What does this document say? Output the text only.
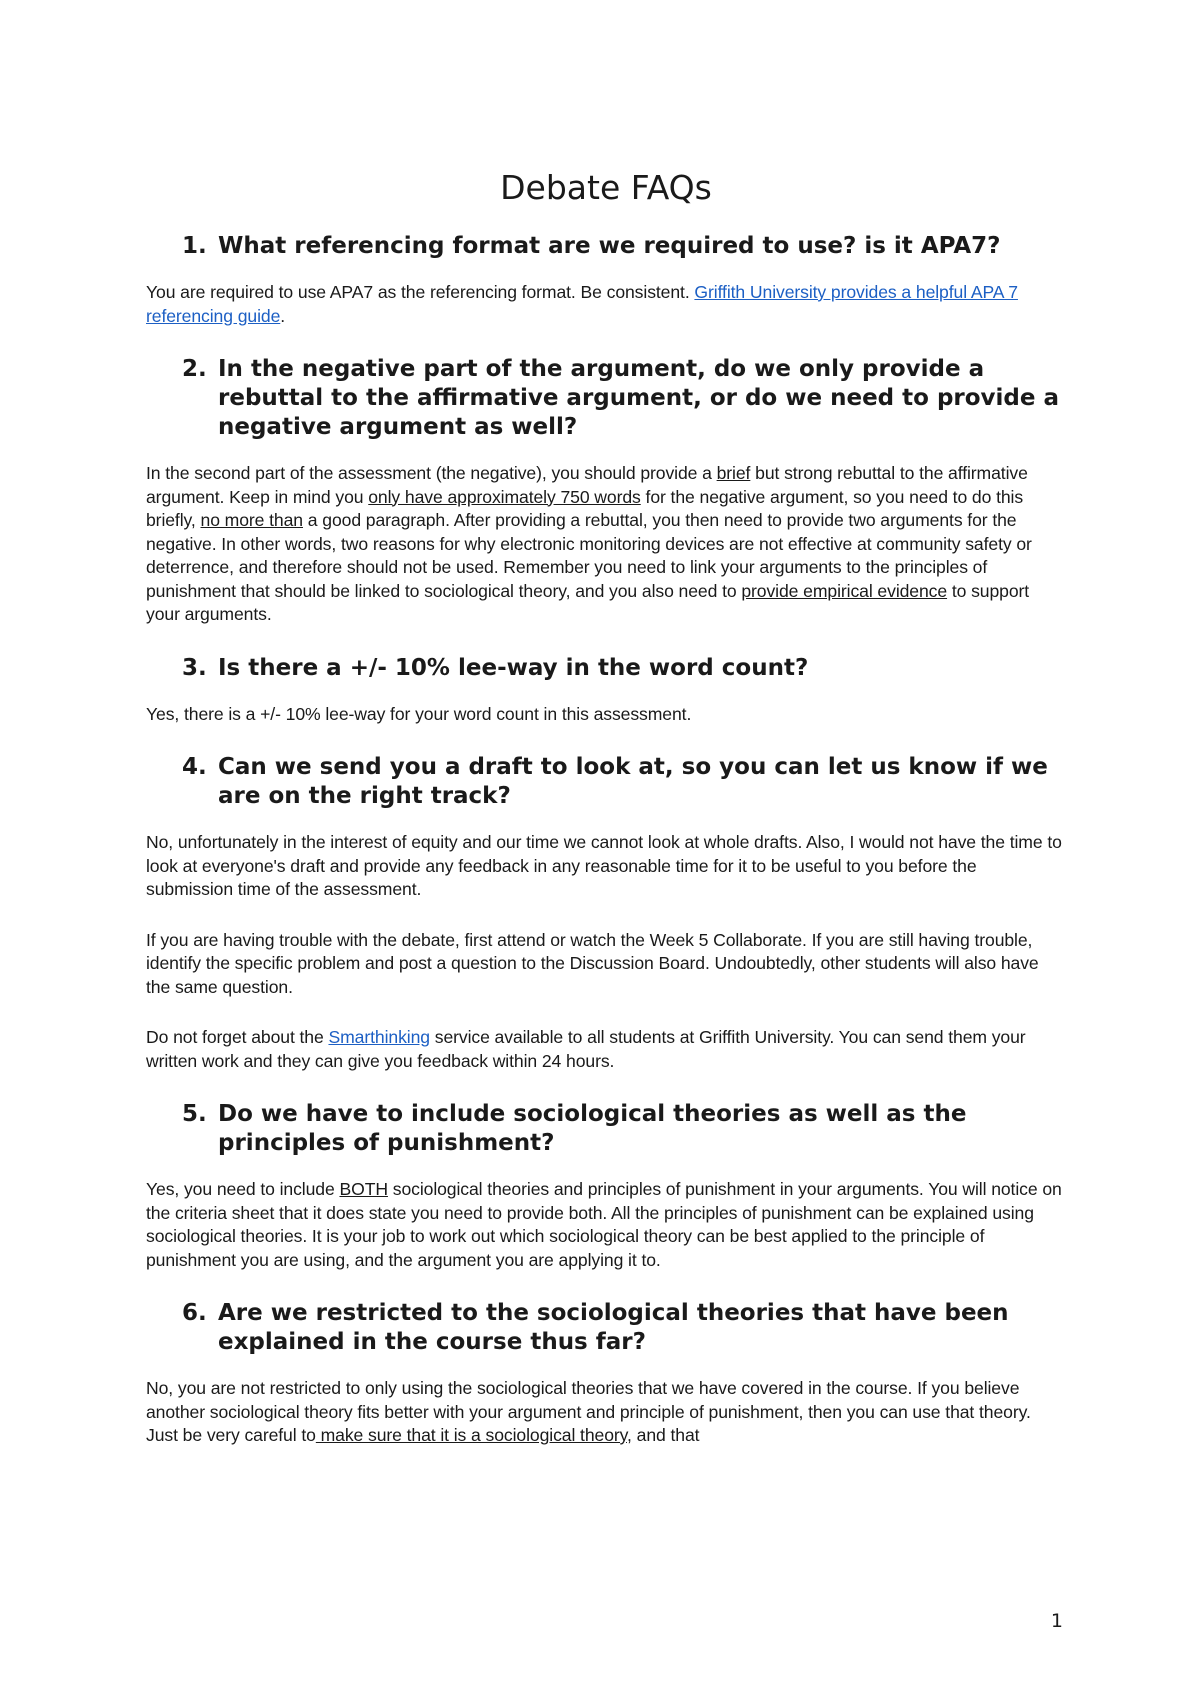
Debate FAQs
1. What referencing format are we required to use? is it APA7?

You are required to use APA7 as the referencing format. Be consistent. Griffith University provides a helpful APA 7 referencing guide.

2. In the negative part of the argument, do we only provide a rebuttal to the affirmative argument, or do we need to provide a negative argument as well?

In the second part of the assessment (the negative), you should provide a brief but strong rebuttal to the affirmative argument. Keep in mind you only have approximately 750 words for the negative argument, so you need to do this briefly, no more than a good paragraph. After providing a rebuttal, you then need to provide two arguments for the negative. In other words, two reasons for why electronic monitoring devices are not effective at community safety or deterrence, and therefore should not be used. Remember you need to link your arguments to the principles of punishment that should be linked to sociological theory, and you also need to provide empirical evidence to support your arguments.

3. Is there a +/- 10% lee-way in the word count?

Yes, there is a +/- 10% lee-way for your word count in this assessment.

4. Can we send you a draft to look at, so you can let us know if we are on the right track?

No, unfortunately in the interest of equity and our time we cannot look at whole drafts. Also, I would not have the time to look at everyone's draft and provide any feedback in any reasonable time for it to be useful to you before the submission time of the assessment.

If you are having trouble with the debate, first attend or watch the Week 5 Collaborate. If you are still having trouble, identify the specific problem and post a question to the Discussion Board. Undoubtedly, other students will also have the same question.

Do not forget about the Smarthinking service available to all students at Griffith University. You can send them your written work and they can give you feedback within 24 hours.

5. Do we have to include sociological theories as well as the principles of punishment?

Yes, you need to include BOTH sociological theories and principles of punishment in your arguments. You will notice on the criteria sheet that it does state you need to provide both. All the principles of punishment can be explained using sociological theories. It is your job to work out which sociological theory can be best applied to the principle of punishment you are using, and the argument you are applying it to.

6. Are we restricted to the sociological theories that have been explained in the course thus far?

No, you are not restricted to only using the sociological theories that we have covered in the course. If you believe another sociological theory fits better with your argument and principle of punishment, then you can use that theory. Just be very careful to make sure that it is a sociological theory, and that

1
